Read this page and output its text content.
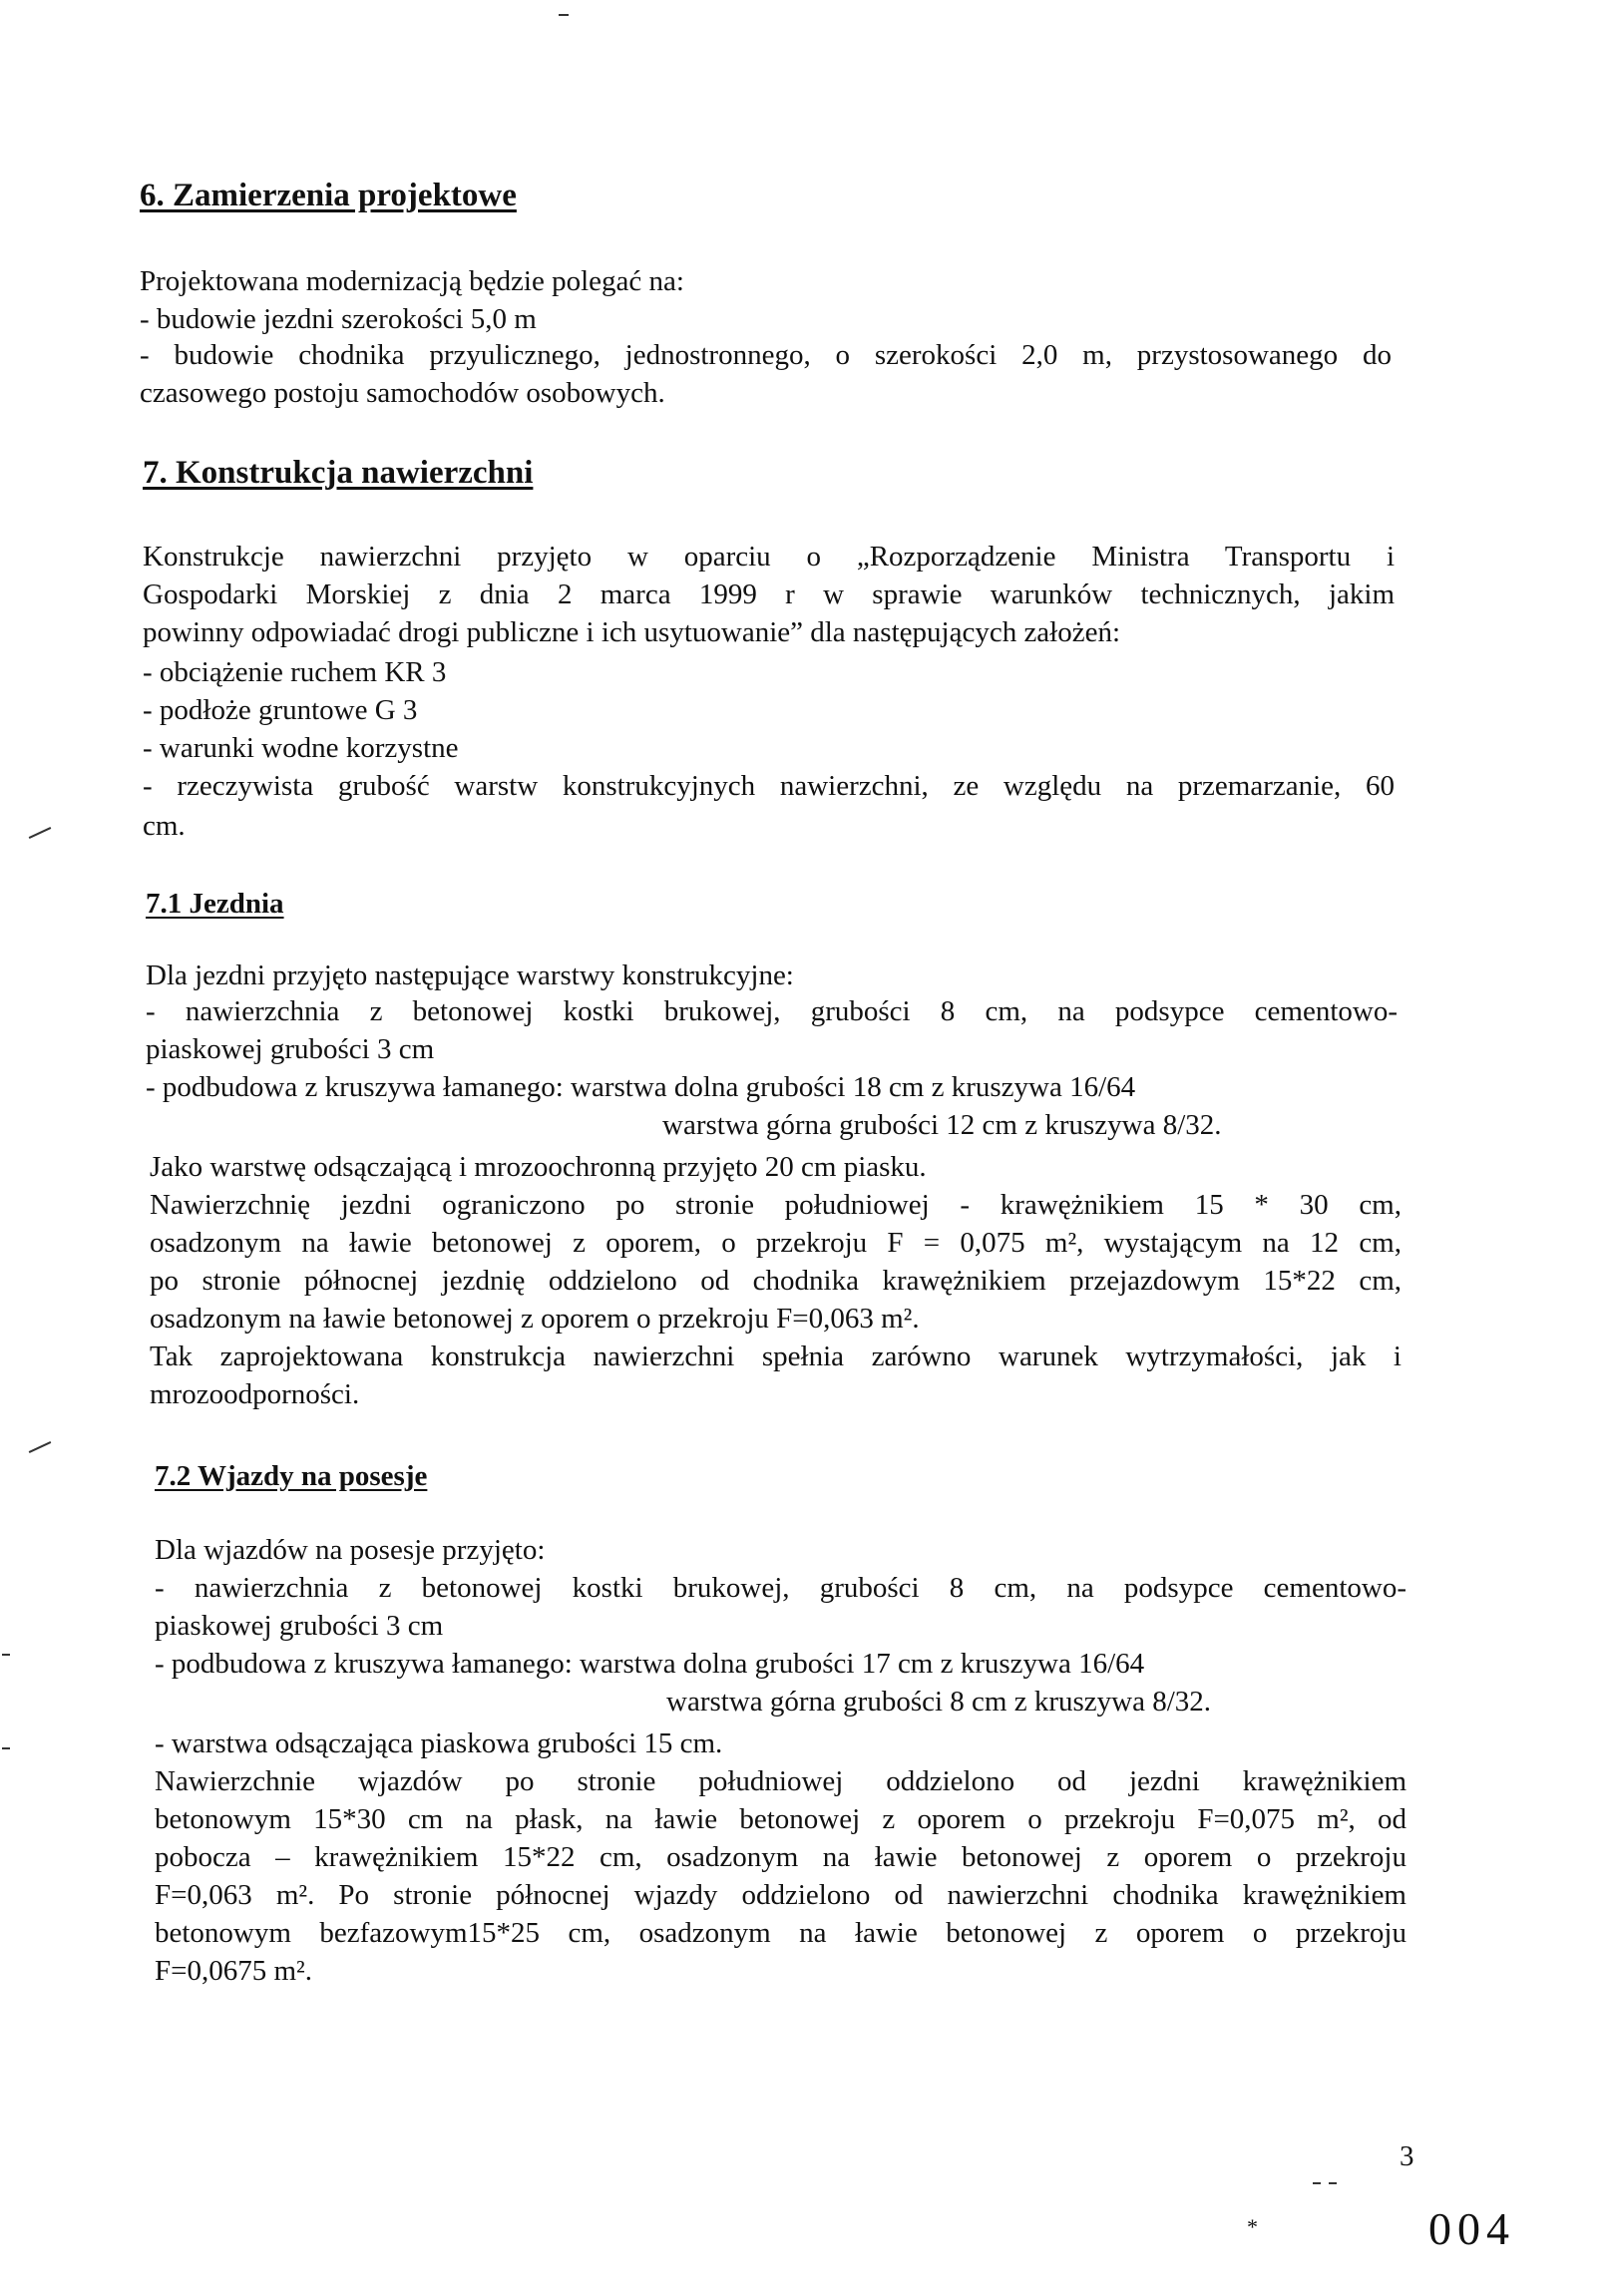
6. Zamierzenia projektowe
Projektowana modernizacją będzie polegać na:
- budowie jezdni szerokości 5,0 m
- budowie chodnika przyulicznego, jednostronnego, o szerokości 2,0 m, przystosowanego do
czasowego postoju samochodów osobowych.
7. Konstrukcja nawierzchni
Konstrukcje nawierzchni przyjęto w oparciu o „Rozporządzenie Ministra Transportu i
Gospodarki Morskiej z dnia 2 marca 1999 r w sprawie warunków technicznych, jakim
powinny odpowiadać drogi publiczne i ich usytuowanie” dla następujących założeń:
- obciążenie ruchem KR 3
- podłoże gruntowe G 3
- warunki wodne korzystne
- rzeczywista grubość warstw konstrukcyjnych nawierzchni, ze względu na przemarzanie, 60
cm.
7.1 Jezdnia
Dla jezdni przyjęto następujące warstwy konstrukcyjne:
- nawierzchnia z betonowej kostki brukowej, grubości 8 cm, na podsypce cementowo-
piaskowej grubości 3 cm
- podbudowa z kruszywa łamanego: warstwa dolna grubości 18 cm z kruszywa 16/64
warstwa górna grubości 12 cm z kruszywa 8/32.
Jako warstwę odsączającą i mrozoochronną przyjęto 20 cm piasku.
Nawierzchnię jezdni ograniczono po stronie południowej - krawężnikiem 15 * 30 cm,
osadzonym na ławie betonowej z oporem, o przekroju F = 0,075 m², wystającym na 12 cm,
po stronie północnej jezdnię oddzielono od chodnika krawężnikiem przejazdowym 15*22 cm,
osadzonym na ławie betonowej z oporem o przekroju F=0,063 m².
Tak zaprojektowana konstrukcja nawierzchni spełnia zarówno warunek wytrzymałości, jak i
mrozoodporności.
7.2 Wjazdy na posesje
Dla wjazdów na posesje przyjęto:
- nawierzchnia z betonowej kostki brukowej, grubości 8 cm, na podsypce cementowo-
piaskowej grubości 3 cm
- podbudowa z kruszywa łamanego: warstwa dolna grubości 17 cm z kruszywa 16/64
warstwa górna grubości 8 cm z kruszywa 8/32.
- warstwa odsączająca piaskowa grubości 15 cm.
Nawierzchnie wjazdów po stronie południowej oddzielono od jezdni krawężnikiem
betonowym 15*30 cm na płask, na ławie betonowej z oporem o przekroju F=0,075 m², od
pobocza – krawężnikiem 15*22 cm, osadzonym na ławie betonowej z oporem o przekroju
F=0,063 m². Po stronie północnej wjazdy oddzielono od nawierzchni chodnika krawężnikiem
betonowym bezfazowym15*25 cm, osadzonym na ławie betonowej z oporem o przekroju
F=0,0675 m².
3
004
*
